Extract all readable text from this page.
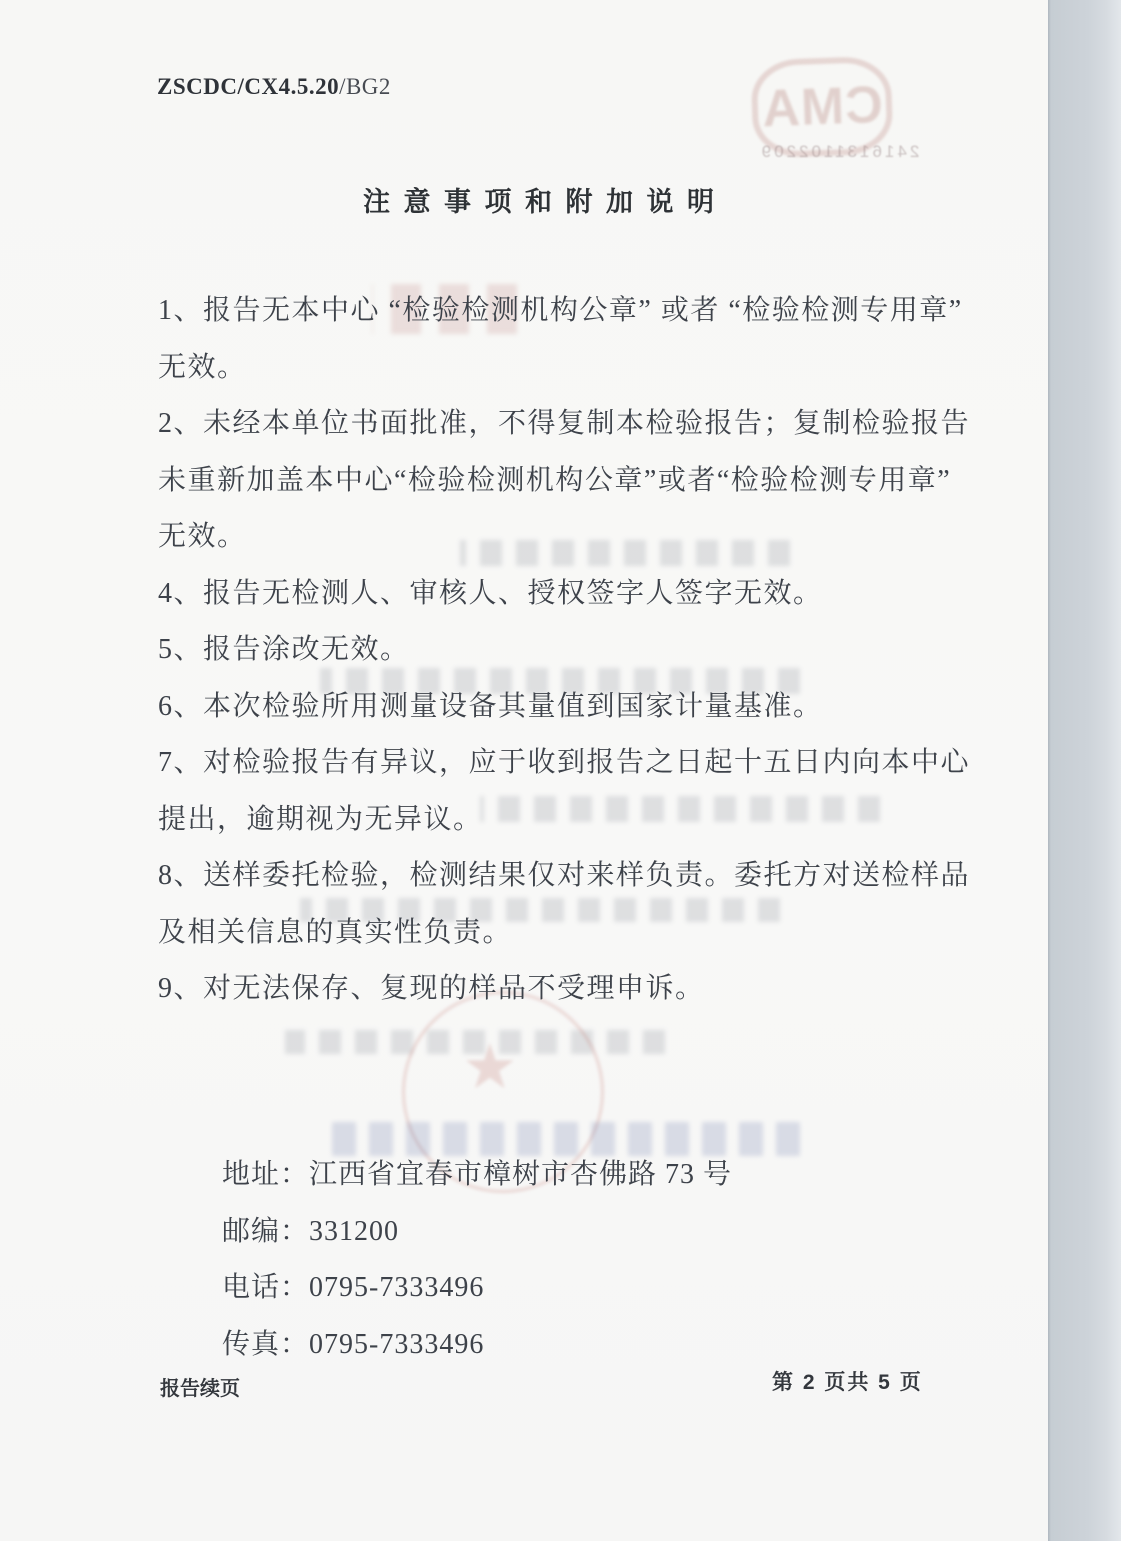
CMA
2416131102209
★
ZSCDC/CX4.5.20/BG2
注 意 事 项 和 附 加 说 明
1、报告无本中心 “检验检测机构公章” 或者 “检验检测专用章”
无效。
2、未经本单位书面批准，不得复制本检验报告；复制检验报告
未重新加盖本中心“检验检测机构公章”或者“检验检测专用章”
无效。
4、报告无检测人、审核人、授权签字人签字无效。
5、报告涂改无效。
6、本次检验所用测量设备其量值到国家计量基准。
7、对检验报告有异议，应于收到报告之日起十五日内向本中心
提出，逾期视为无异议。
8、送样委托检验，检测结果仅对来样负责。委托方对送检样品
及相关信息的真实性负责。
9、对无法保存、复现的样品不受理申诉。
地址：江西省宜春市樟树市杏佛路 73 号
邮编：331200
电话：0795-7333496
传真：0795-7333496
报告续页	第 2 页共 5 页
